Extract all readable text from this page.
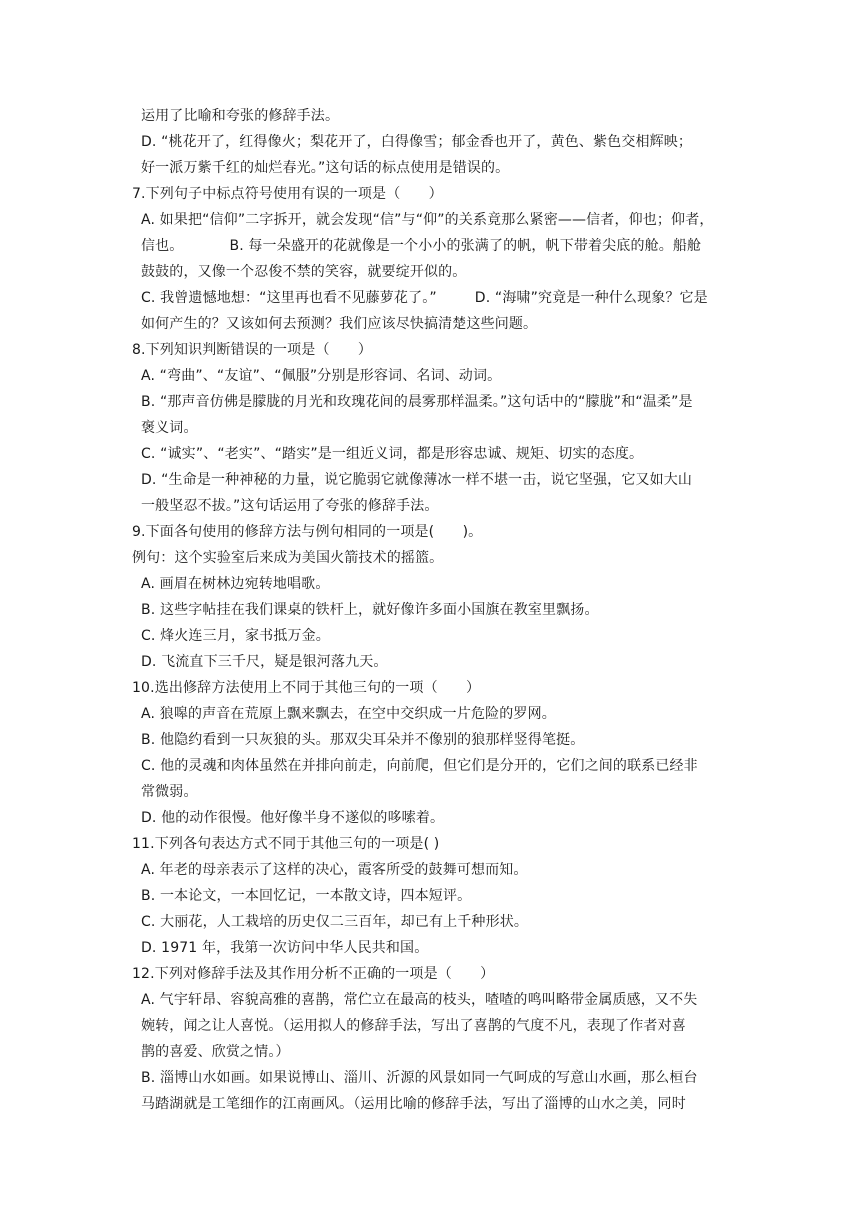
运用了比喻和夸张的修辞手法。
D. “桃花开了，红得像火；梨花开了，白得像雪；郁金香也开了，黄色、紫色交相辉映；
好一派万紫千红的灿烂春光。”这句话的标点使用是错误的。
7.下列句子中标点符号使用有误的一项是（　　）
A. 如果把“信仰”二字拆开，就会发现“信”与“仰”的关系竟那么紧密——信者，仰也；仰者，
信也。	B. 每一朵盛开的花就像是一个小小的张满了的帆，帆下带着尖底的舱。船舱
鼓鼓的，又像一个忍俊不禁的笑容，就要绽开似的。
C. 我曾遗憾地想：“这里再也看不见藤萝花了。”	D. “海啸”究竟是一种什么现象？它是
如何产生的？又该如何去预测？我们应该尽快搞清楚这些问题。
8.下列知识判断错误的一项是（　　）
A. “弯曲”、“友谊”、“佩服”分别是形容词、名词、动词。
B. “那声音仿佛是朦胧的月光和玫瑰花间的晨雾那样温柔。”这句话中的“朦胧”和“温柔”是
褒义词。
C. “诚实”、“老实”、“踏实”是一组近义词，都是形容忠诚、规矩、切实的态度。
D. “生命是一种神秘的力量，说它脆弱它就像薄冰一样不堪一击，说它坚强，它又如大山
一般坚忍不拔。”这句话运用了夸张的修辞手法。
9.下面各句使用的修辞方法与例句相同的一项是(　　)。
例句：这个实验室后来成为美国火箭技术的摇篮。
A. 画眉在树林边宛转地唱歌。
B. 这些字帖挂在我们课桌的铁杆上，就好像许多面小国旗在教室里飘扬。
C. 烽火连三月，家书抵万金。
D. 飞流直下三千尺，疑是银河落九天。
10.选出修辞方法使用上不同于其他三句的一项（　　）
A. 狼嗥的声音在荒原上飘来飘去，在空中交织成一片危险的罗网。
B. 他隐约看到一只灰狼的头。那双尖耳朵并不像别的狼那样竖得笔挺。
C. 他的灵魂和肉体虽然在并排向前走，向前爬，但它们是分开的，它们之间的联系已经非
常微弱。
D. 他的动作很慢。他好像半身不遂似的哆嗦着。
11.下列各句表达方式不同于其他三句的一项是( )
A. 年老的母亲表示了这样的决心，霞客所受的鼓舞可想而知。
B. 一本论文，一本回忆记，一本散文诗，四本短评。
C. 大丽花，人工栽培的历史仅二三百年，却已有上千种形状。
D. 1971 年，我第一次访问中华人民共和国。
12.下列对修辞手法及其作用分析不正确的一项是（　　）
A. 气宇轩昂、容貌高雅的喜鹊，常伫立在最高的枝头，喳喳的鸣叫略带金属质感，又不失
婉转，闻之让人喜悦。（运用拟人的修辞手法，写出了喜鹊的气度不凡，表现了作者对喜
鹊的喜爱、欣赏之情。）
B. 淄博山水如画。如果说博山、淄川、沂源的风景如同一气呵成的写意山水画，那么桓台
马踏湖就是工笔细作的江南画风。（运用比喻的修辞手法，写出了淄博的山水之美，同时
